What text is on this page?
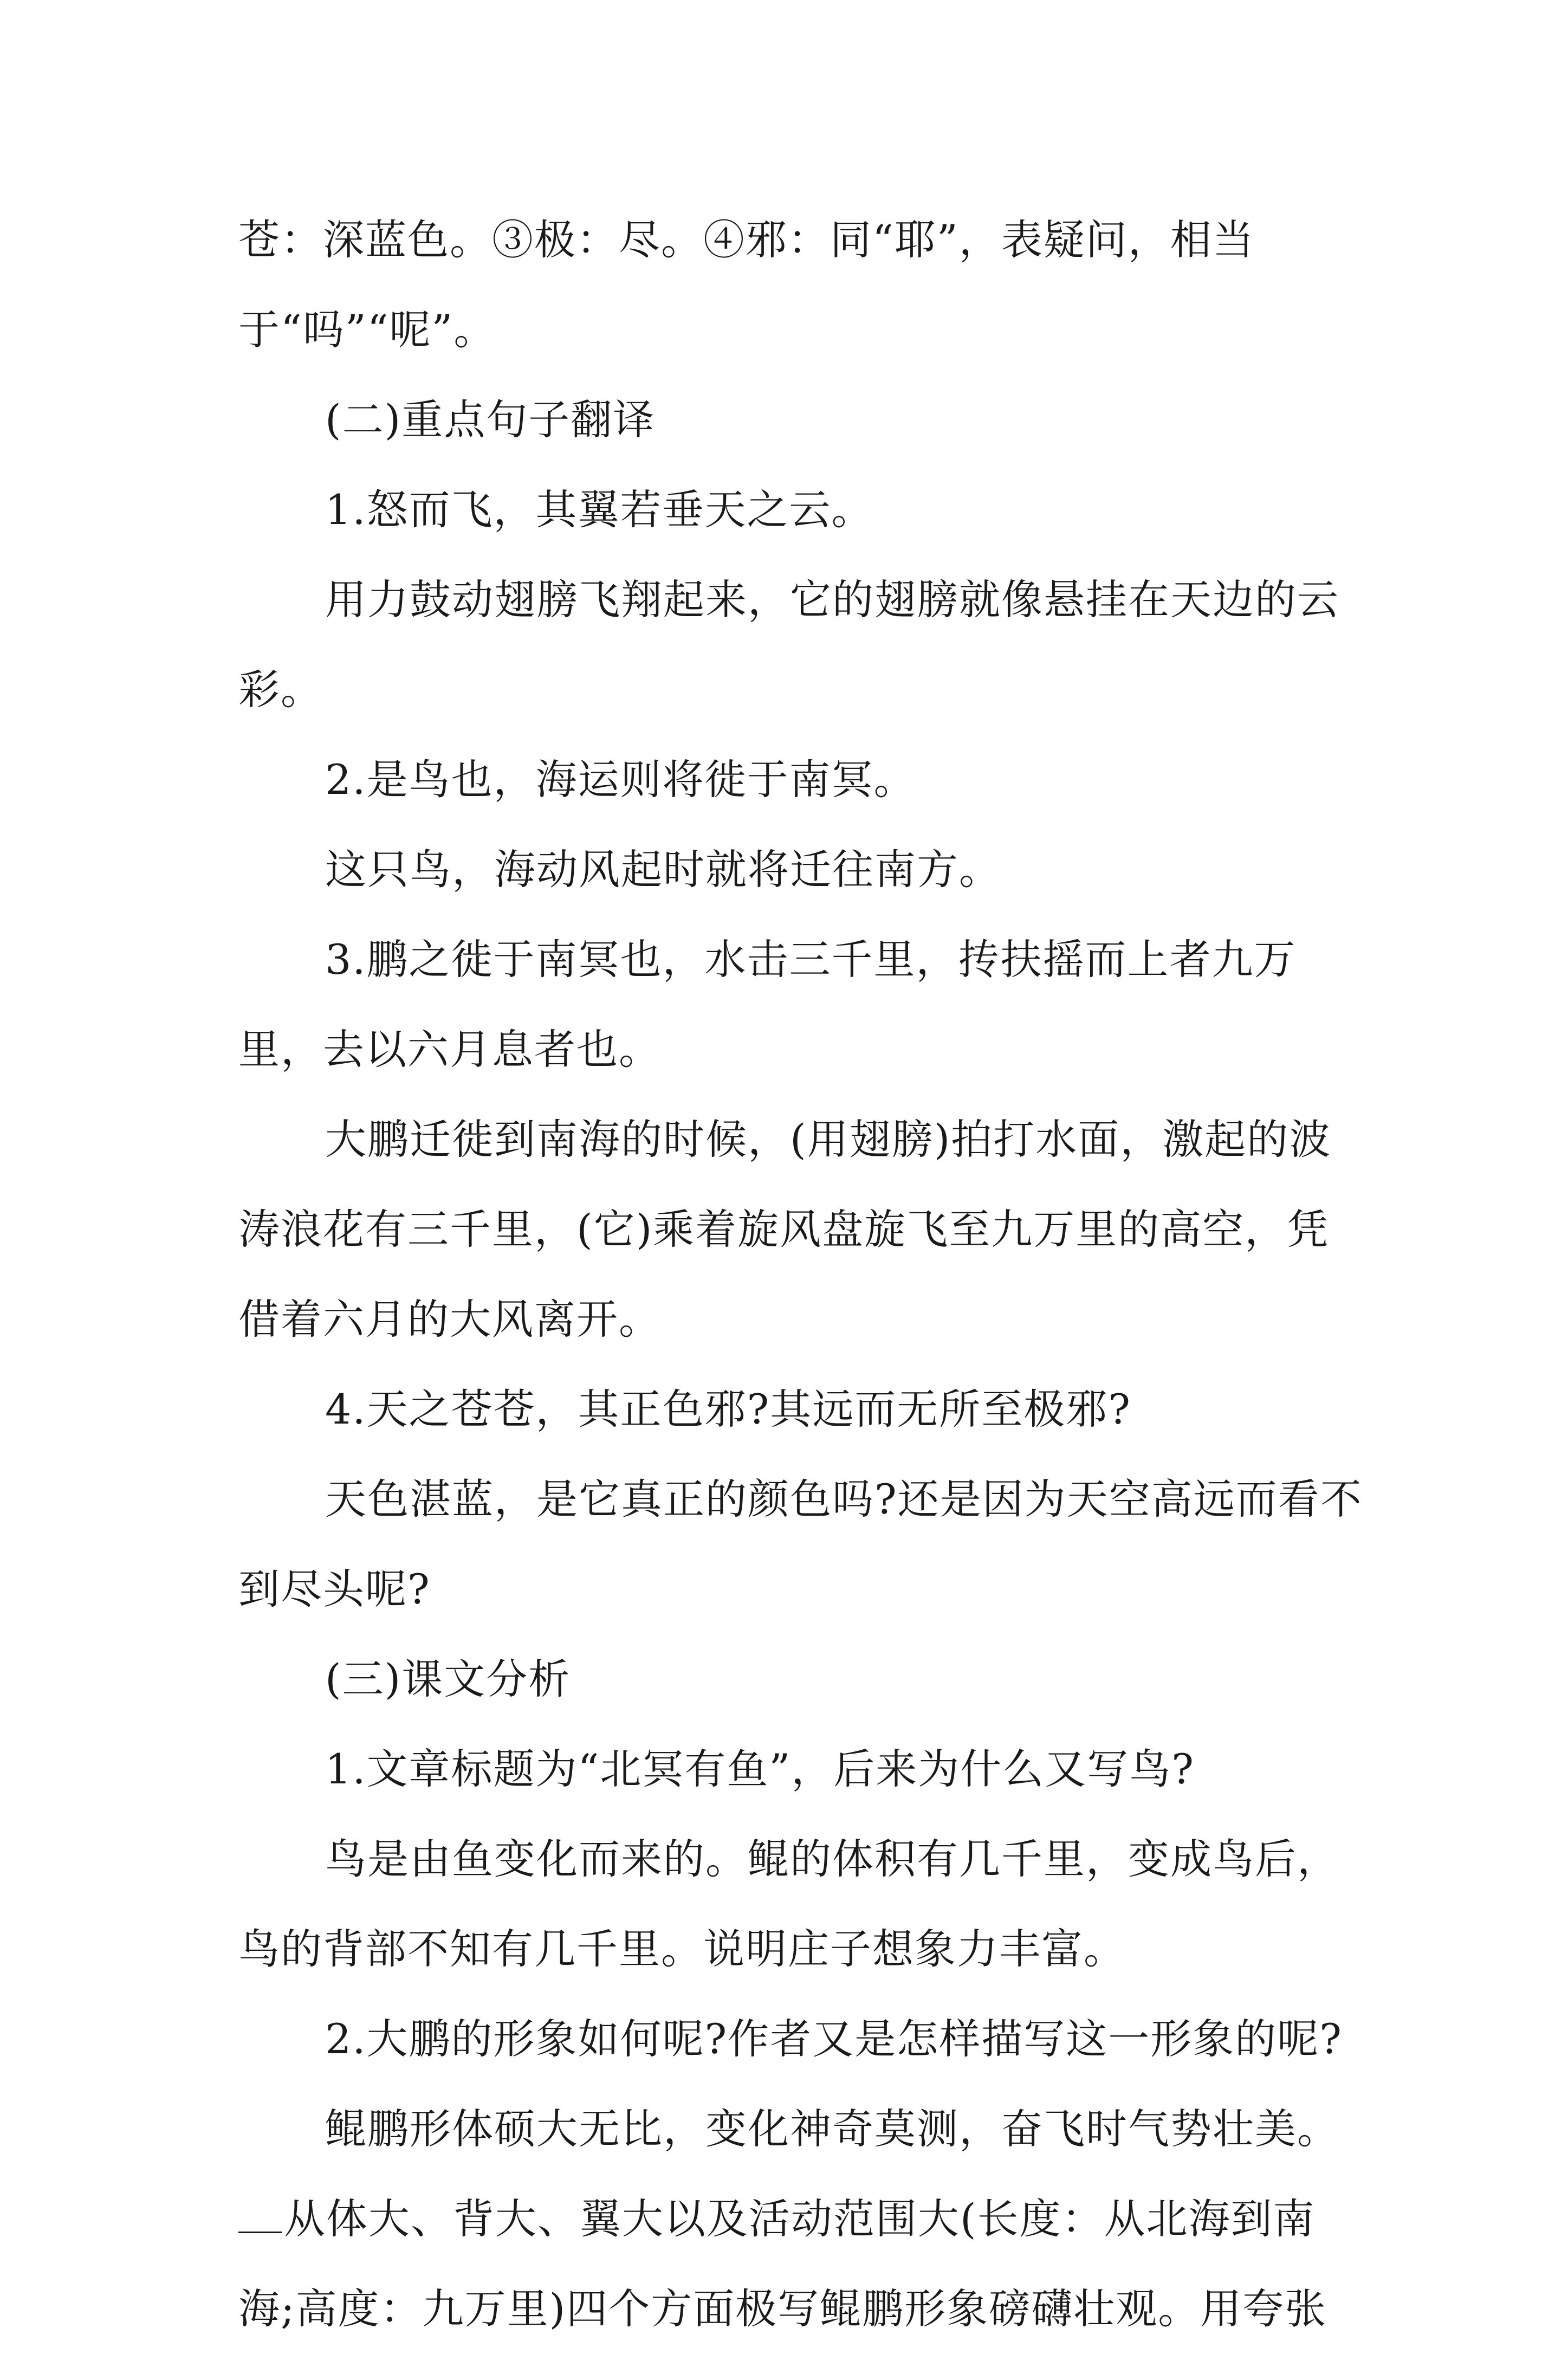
苍：深蓝色。③极：尽。④邪：同“耶”，表疑问，相当于“吗”“呢”。

(二)重点句子翻译

1.怒而飞，其翼若垂天之云。

用力鼓动翅膀飞翔起来，它的翅膀就像悬挂在天边的云彩。

2.是鸟也，海运则将徙于南冥。

这只鸟，海动风起时就将迁往南方。

3.鹏之徙于南冥也，水击三千里，抟扶摇而上者九万里，去以六月息者也。

大鹏迁徙到南海的时候，(用翅膀)拍打水面，激起的波涛浪花有三千里，(它)乘着旋风盘旋飞至九万里的高空，凭借着六月的大风离开。

4.天之苍苍，其正色邪?其远而无所至极邪?

天色湛蓝，是它真正的颜色吗?还是因为天空高远而看不到尽头呢?

(三)课文分析

1.文章标题为“北冥有鱼”，后来为什么又写鸟?

鸟是由鱼变化而来的。鲲的体积有几千里，变成鸟后，鸟的背部不知有几千里。说明庄子想象力丰富。

2.大鹏的形象如何呢?作者又是怎样描写这一形象的呢?

鲲鹏形体硕大无比，变化神奇莫测，奋飞时气势壮美。

从体大、背大、翼大以及活动范围大(长度：从北海到南海;高度：九万里)四个方面极写鲲鹏形象磅礴壮观。用夸张
